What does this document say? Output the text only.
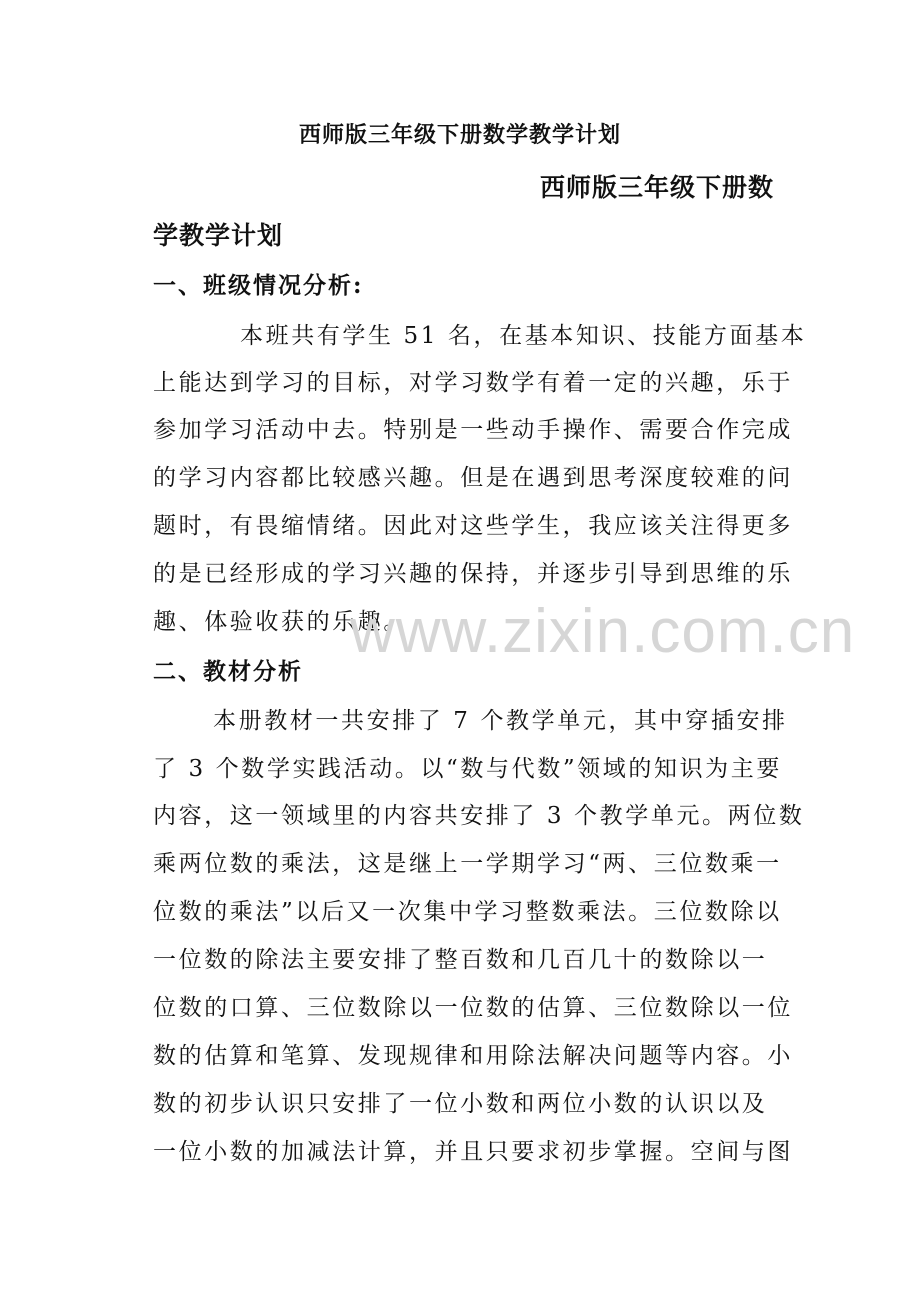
西师版三年级下册数学教学计划
西师版三年级下册数
学教学计划
一、班级情况分析:
本班共有学生 51 名，在基本知识、技能方面基本
上能达到学习的目标，对学习数学有着一定的兴趣，乐于
参加学习活动中去。特别是一些动手操作、需要合作完成
的学习内容都比较感兴趣。但是在遇到思考深度较难的问
题时，有畏缩情绪。因此对这些学生，我应该关注得更多
的是已经形成的学习兴趣的保持，并逐步引导到思维的乐
趣、体验收获的乐趣。
二、教材分析
本册教材一共安排了 7 个教学单元，其中穿插安排
了 3 个数学实践活动。以“数与代数”领域的知识为主要
内容，这一领域里的内容共安排了 3 个教学单元。两位数
乘两位数的乘法，这是继上一学期学习“两、三位数乘一
位数的乘法”以后又一次集中学习整数乘法。三位数除以
一位数的除法主要安排了整百数和几百几十的数除以一
位数的口算、三位数除以一位数的估算、三位数除以一位
数的估算和笔算、发现规律和用除法解决问题等内容。小
数的初步认识只安排了一位小数和两位小数的认识以及
一位小数的加减法计算，并且只要求初步掌握。空间与图
www.zixin.com.cn
